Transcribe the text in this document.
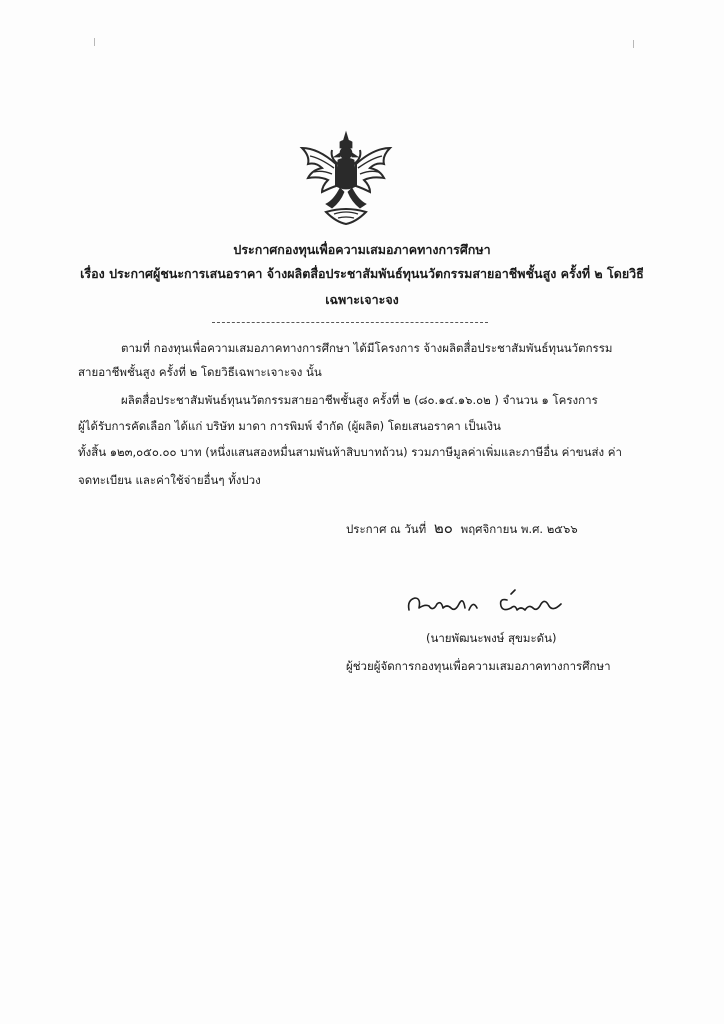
ประกาศกองทุนเพื่อความเสมอภาคทางการศึกษา
เรื่อง ประกาศผู้ชนะการเสนอราคา จ้างผลิตสื่อประชาสัมพันธ์ทุนนวัตกรรมสายอาชีพชั้นสูง ครั้งที่ ๒ โดยวิธี
เฉพาะเจาะจง
ตามที่ กองทุนเพื่อความเสมอภาคทางการศึกษา ได้มีโครงการ จ้างผลิตสื่อประชาสัมพันธ์ทุนนวัตกรรม
สายอาชีพชั้นสูง ครั้งที่ ๒ โดยวิธีเฉพาะเจาะจง นั้น
ผลิตสื่อประชาสัมพันธ์ทุนนวัตกรรมสายอาชีพชั้นสูง ครั้งที่ ๒ (๘๐.๑๔.๑๖.๐๒ ) จำนวน ๑ โครงการ
ผู้ได้รับการคัดเลือก ได้แก่ บริษัท มาดา การพิมพ์ จำกัด (ผู้ผลิต) โดยเสนอราคา เป็นเงิน
ทั้งสิ้น ๑๒๓,๐๕๐.๐๐ บาท (หนึ่งแสนสองหมื่นสามพันห้าสิบบาทถ้วน) รวมภาษีมูลค่าเพิ่มและภาษีอื่น ค่าขนส่ง ค่า
จดทะเบียน และค่าใช้จ่ายอื่นๆ ทั้งปวง
ประกาศ ณ วันที่ ๒๐ พฤศจิกายน พ.ศ. ๒๕๖๖
(นายพัฒนะพงษ์ สุขมะดัน)
ผู้ช่วยผู้จัดการกองทุนเพื่อความเสมอภาคทางการศึกษา
